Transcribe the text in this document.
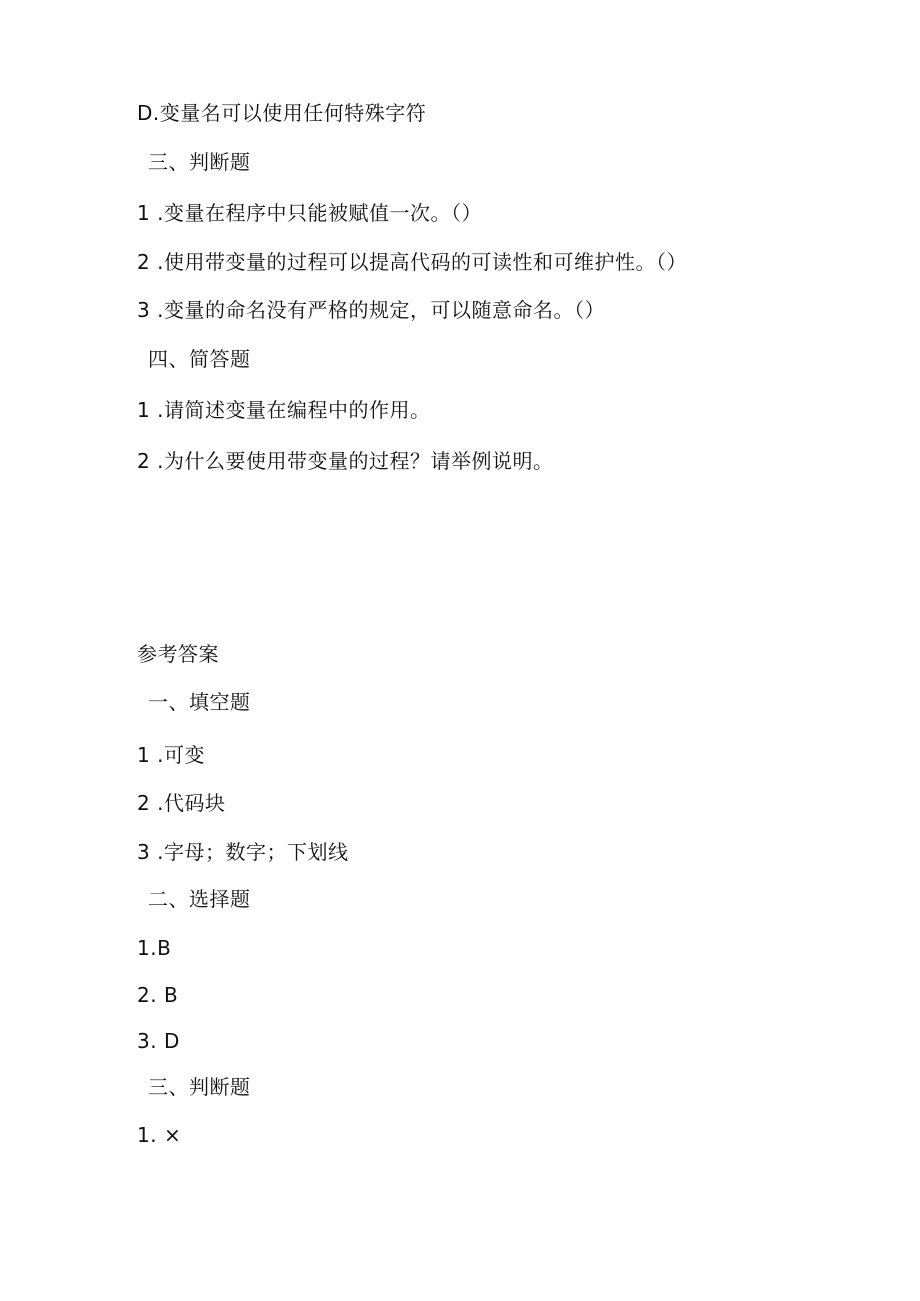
D.变量名可以使用任何特殊字符
三、判断题
1 .变量在程序中只能被赋值一次。（）
2 .使用带变量的过程可以提高代码的可读性和可维护性。（）
3 .变量的命名没有严格的规定，可以随意命名。（）
四、简答题
1 .请简述变量在编程中的作用。
2 .为什么要使用带变量的过程？请举例说明。
参考答案
一、填空题
1 .可变
2 .代码块
3 .字母；数字；下划线
二、选择题
1.B
2. B
3. D
三、判断题
1. ×
